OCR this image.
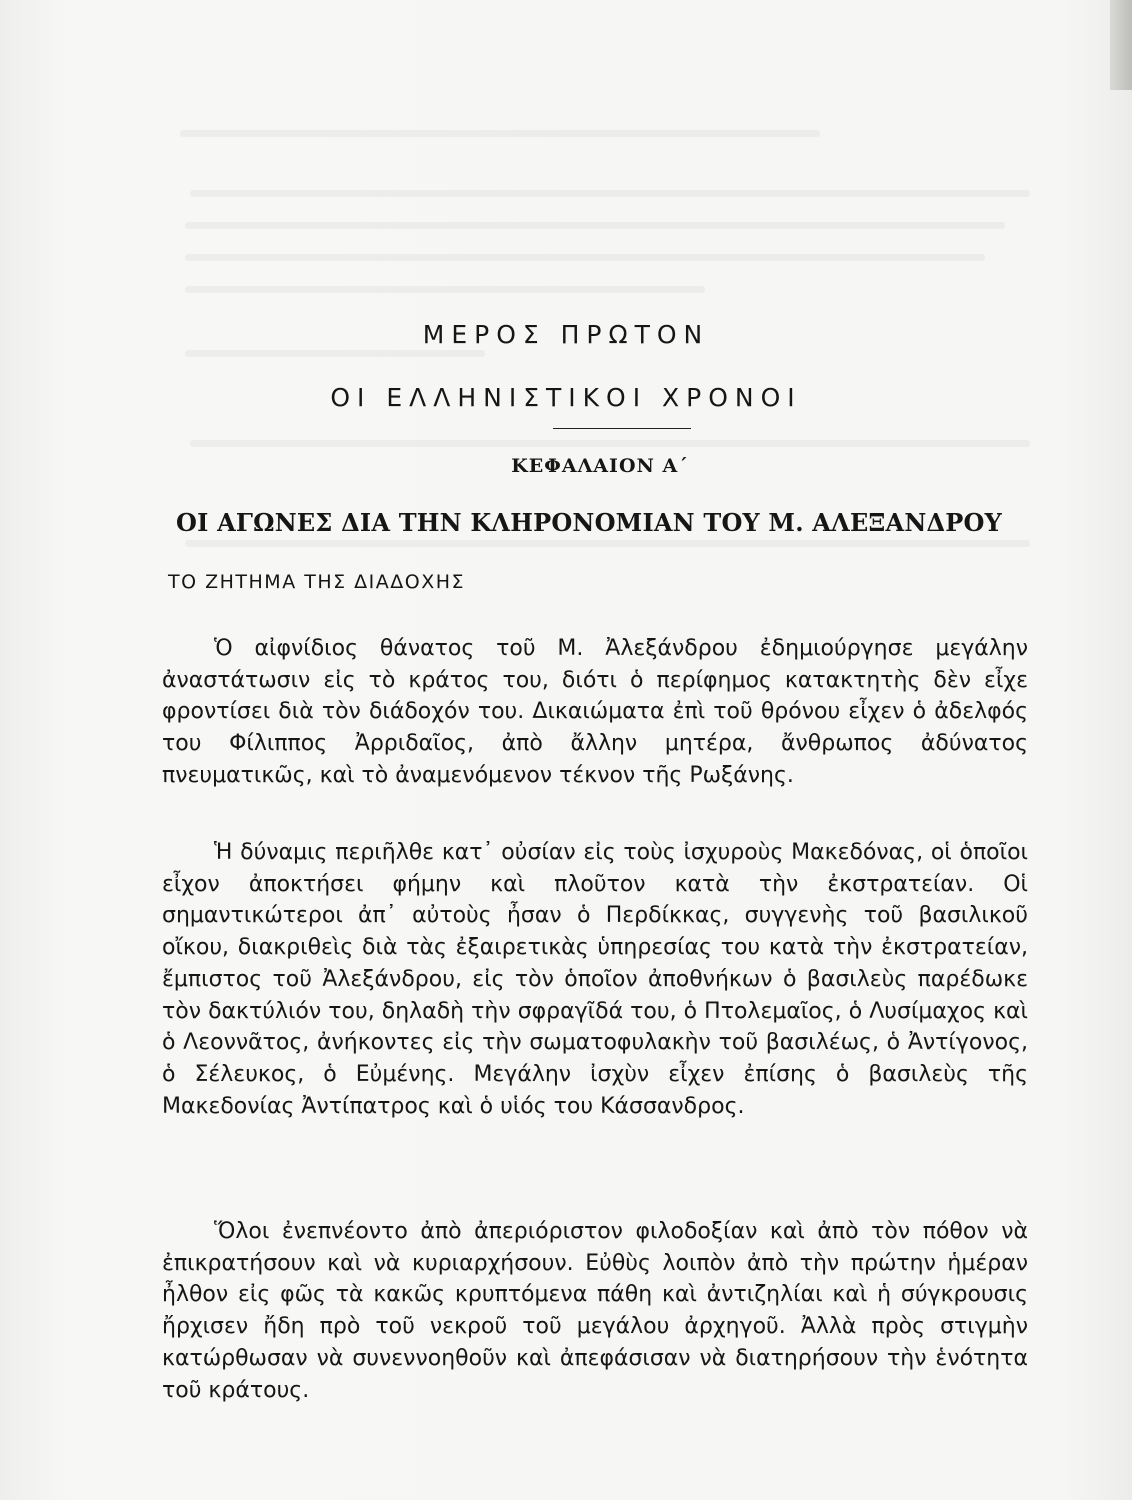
ΜΕΡΟΣ ΠΡΩΤΟΝ
ΟΙ ΕΛΛΗΝΙΣΤΙΚΟΙ ΧΡΟΝΟΙ
ΚΕΦΑΛΑΙΟΝ Α΄
ΟΙ ΑΓΩΝΕΣ ΔΙΑ ΤΗΝ ΚΛΗΡΟΝΟΜΙΑΝ ΤΟΥ Μ. ΑΛΕΞΑΝΔΡΟΥ
ΤΟ ΖΗΤΗΜΑ ΤΗΣ ΔΙΑΔΟΧΗΣ

Ὁ αἰφνίδιος θάνατος τοῦ Μ. Ἀλεξάνδρου ἐδημιούργησε μεγάλην ἀναστάτωσιν εἰς τὸ κράτος του, διότι ὁ περίφημος κατακτητὴς δὲν εἶχε φροντίσει διὰ τὸν διάδοχόν του. Δικαιώματα ἐπὶ τοῦ θρόνου εἶχεν ὁ ἀδελφός του Φίλιππος Ἀρριδαῖος, ἀπὸ ἄλλην μητέρα, ἄνθρωπος ἀδύνατος πνευματικῶς, καὶ τὸ ἀναμενόμενον τέκνον τῆς Ρωξάνης.

Ἡ δύναμις περιῆλθε κατ᾽ οὐσίαν εἰς τοὺς ἰσχυροὺς Μακεδόνας, οἱ ὁποῖοι εἶχον ἀποκτήσει φήμην καὶ πλοῦτον κατὰ τὴν ἐκστρατείαν. Οἱ σημαντικώτεροι ἀπ᾽ αὐτοὺς ἦσαν ὁ Περδίκκας, συγγενὴς τοῦ βασιλικοῦ οἴκου, διακριθεὶς διὰ τὰς ἐξαιρετικὰς ὑπηρεσίας του κατὰ τὴν ἐκστρατείαν, ἔμπιστος τοῦ Ἀλεξάνδρου, εἰς τὸν ὁποῖον ἀποθνήκων ὁ βασιλεὺς παρέδωκε τὸν δακτύλιόν του, δηλαδὴ τὴν σφραγῖδά του, ὁ Πτολεμαῖος, ὁ Λυσίμαχος καὶ ὁ Λεοννᾶτος, ἀνήκοντες εἰς τὴν σωματοφυλακὴν τοῦ βασιλέως, ὁ Ἀντίγονος, ὁ Σέλευκος, ὁ Εὐμένης. Μεγάλην ἰσχὺν εἶχεν ἐπίσης ὁ βασιλεὺς τῆς Μακεδονίας Ἀντίπατρος καὶ ὁ υἱός του Κάσσανδρος.

Ὅλοι ἐνεπνέοντο ἀπὸ ἀπεριόριστον φιλοδοξίαν καὶ ἀπὸ τὸν πόθον νὰ ἐπικρατήσουν καὶ νὰ κυριαρχήσουν. Εὐθὺς λοιπὸν ἀπὸ τὴν πρώτην ἡμέραν ἦλθον εἰς φῶς τὰ κακῶς κρυπτόμενα πάθη καὶ ἀντιζηλίαι καὶ ἡ σύγκρουσις ἤρχισεν ἤδη πρὸ τοῦ νεκροῦ τοῦ μεγάλου ἀρχηγοῦ. Ἀλλὰ πρὸς στιγμὴν κατώρθωσαν νὰ συνεννοηθοῦν καὶ ἀπεφάσισαν νὰ διατηρήσουν τὴν ἑνότητα τοῦ κράτους.
